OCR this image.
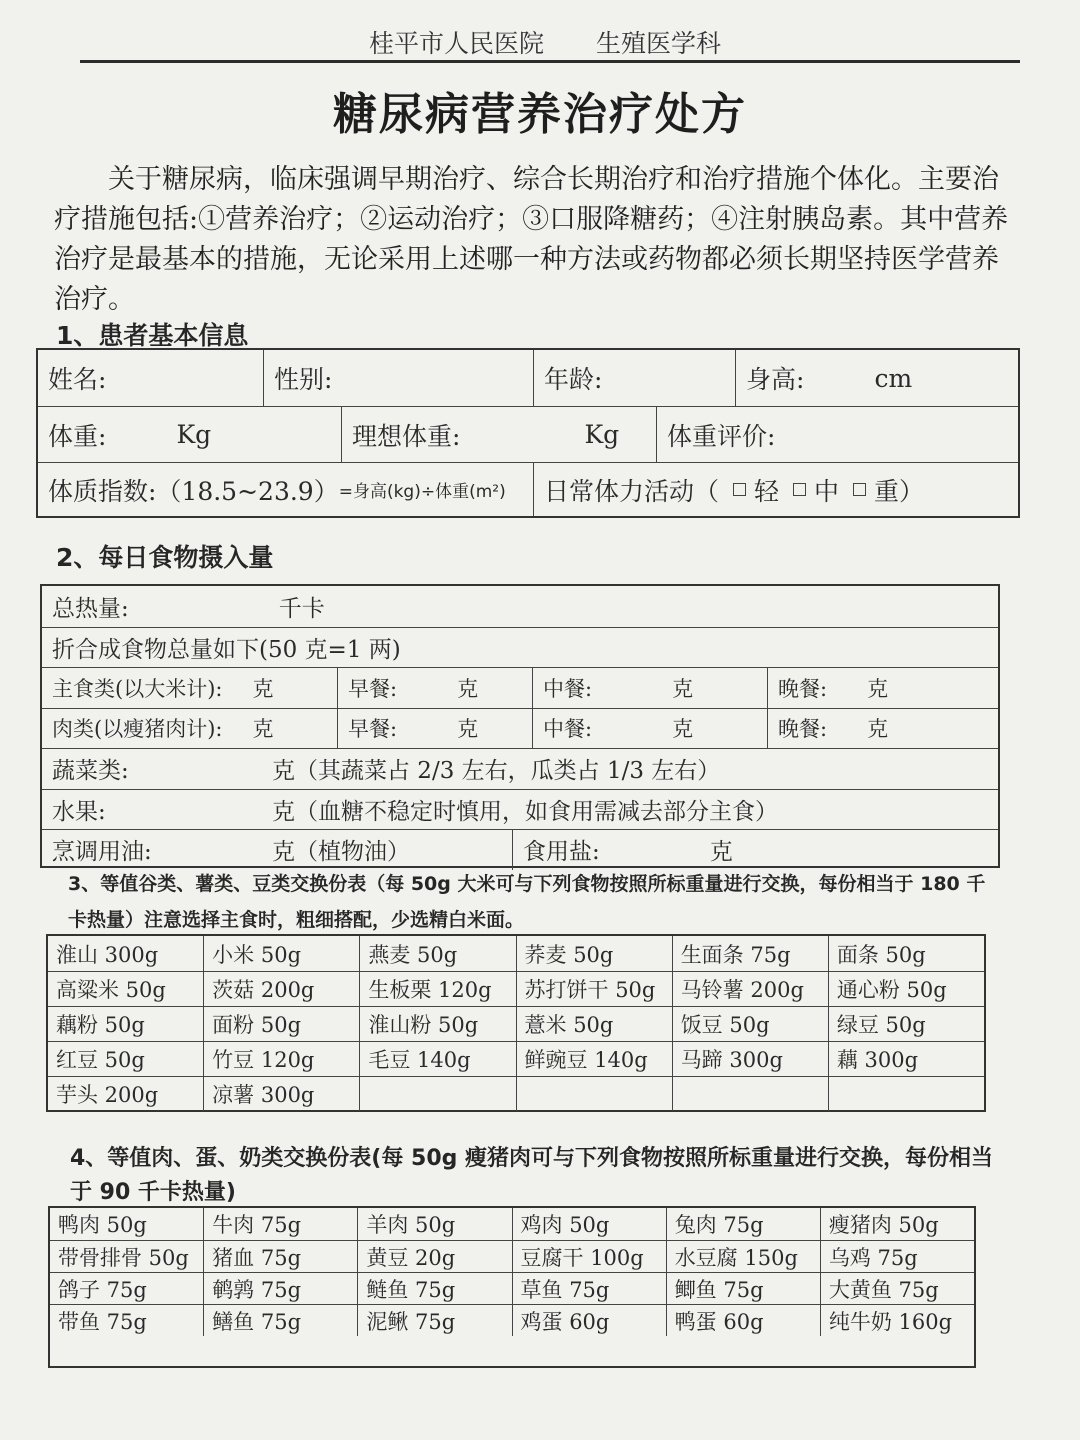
桂平市人民医院 生殖医学科
糖尿病营养治疗处方
关于糖尿病，临床强调早期治疗、综合长期治疗和治疗措施个体化。主要治疗措施包括:①营养治疗；②运动治疗；③口服降糖药；④注射胰岛素。其中营养治疗是最基本的措施，无论采用上述哪一种方法或药物都必须长期坚持医学营养治疗。
1、患者基本信息
姓名:	性别:	年龄:	身高:	cm
体重:	Kg	理想体重:	Kg 体重评价:
体质指数:（18.5~23.9） =身高(kg)÷体重(m²) 日常体力活动（ 轻 中 重）
2、每日食物摄入量
总热量:	千卡
折合成食物总量如下(50 克=1 两)
主食类(以大米计): 克	早餐:	克	中餐:	克	晚餐: 克
肉类(以瘦猪肉计): 克	早餐:	克	中餐:	克	晚餐: 克
蔬菜类:	克（其蔬菜占 2/3 左右，瓜类占 1/3 左右）
水果:	克（血糖不稳定时慎用，如食用需减去部分主食）
烹调用油:	克（植物油）	食用盐:	克
3、等值谷类、薯类、豆类交换份表（每 50g 大米可与下列食物按照所标重量进行交换，每份相当于 180 千卡热量）注意选择主食时，粗细搭配，少选精白米面。
淮山 300g	小米 50g	燕麦 50g	荞麦 50g	生面条 75g	面条 50g
高粱米 50g	茨菇 200g	生板栗 120g	苏打饼干 50g	马铃薯 200g	通心粉 50g
藕粉 50g	面粉 50g	淮山粉 50g	薏米 50g	饭豆 50g	绿豆 50g
红豆 50g	竹豆 120g	毛豆 140g	鲜豌豆 140g	马蹄 300g	藕 300g
芋头 200g	凉薯 300g
4、等值肉、蛋、奶类交换份表(每 50g 瘦猪肉可与下列食物按照所标重量进行交换，每份相当于 90 千卡热量)
鸭肉 50g	牛肉 75g	羊肉 50g	鸡肉 50g	兔肉 75g	瘦猪肉 50g
带骨排骨 50g	猪血 75g	黄豆 20g	豆腐干 100g	水豆腐 150g	乌鸡 75g
鸽子 75g	鹌鹑 75g	鲢鱼 75g	草鱼 75g	鲫鱼 75g	大黄鱼 75g
带鱼 75g	鳝鱼 75g	泥鳅 75g	鸡蛋 60g	鸭蛋 60g	纯牛奶 160g
